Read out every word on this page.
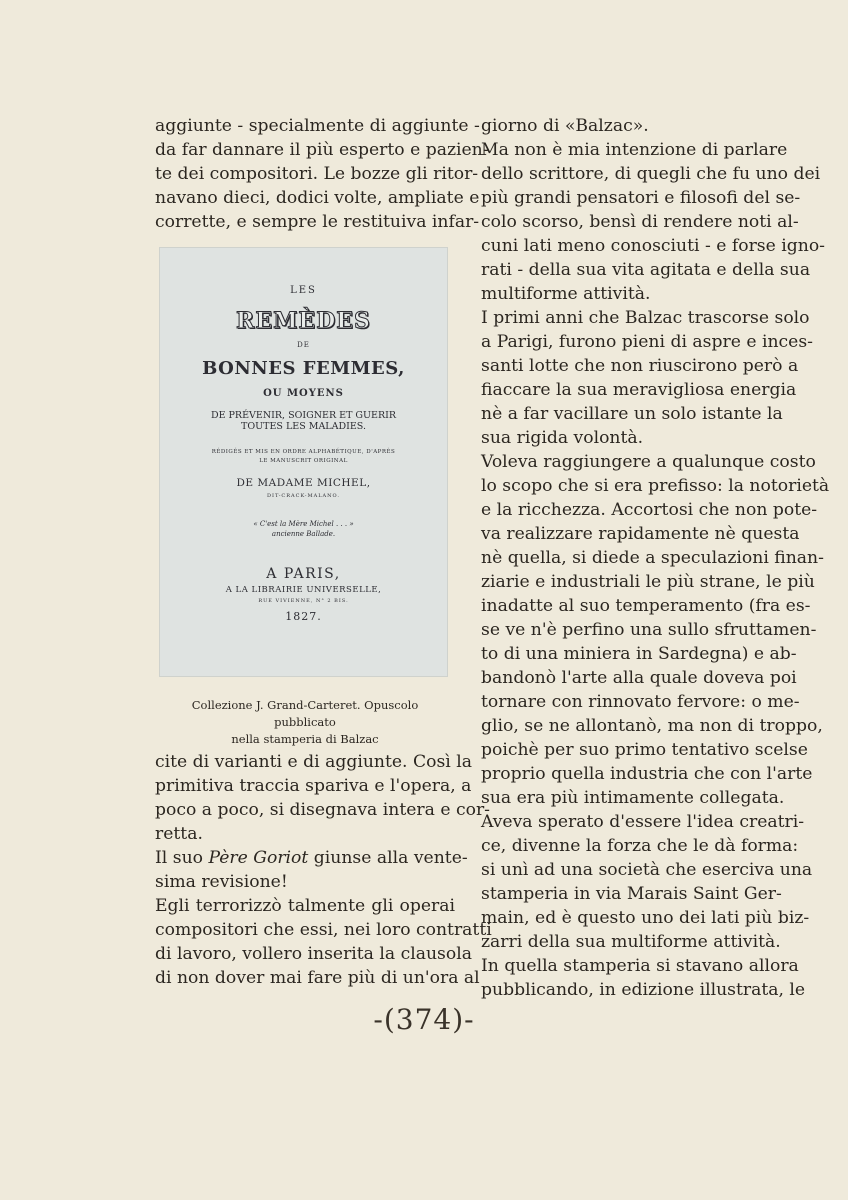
aggiunte - specialmente di aggiunte -
da far dannare il più esperto e pazien-
te dei compositori. Le bozze gli ritor-
navano dieci, dodici volte, ampliate e
corrette, e sempre le restituiva infar-
LES
REMÈDES
DE
BONNES FEMMES,
OU MOYENS
DE PRÉVENIR, SOIGNER ET GUERIR
TOUTES LES MALADIES.
RÉDIGÉS ET MIS EN ORDRE ALPHABÉTIQUE, D'APRÈS
LE MANUSCRIT ORIGINAL
DE MADAME MICHEL,
DIT-CRACK-MALANO.
« C'est la Mère Michel . . . »
ancienne Ballade.
A PARIS,
A LA LIBRAIRIE UNIVERSELLE,
RUE VIVIENNE, N° 2 BIS.
1827.
Collezione J. Grand-Carteret. Opuscolo pubblicato
nella stamperia di Balzac
cite di varianti e di aggiunte. Così la
primitiva traccia spariva e l'opera, a
poco a poco, si disegnava intera e cor-
retta.
Il suo Père Goriot giunse alla vente-
sima revisione!
Egli terrorizzò talmente gli operai
compositori che essi, nei loro contratti
di lavoro, vollero inserita la clausola
di non dover mai fare più di un'ora al
giorno di «Balzac».
Ma non è mia intenzione di parlare
dello scrittore, di quegli che fu uno dei
più grandi pensatori e filosofi del se-
colo scorso, bensì di rendere noti al-
cuni lati meno conosciuti - e forse igno-
rati - della sua vita agitata e della sua
multiforme attività.
I primi anni che Balzac trascorse solo
a Parigi, furono pieni di aspre e inces-
santi lotte che non riuscirono però a
fiaccare la sua meravigliosa energia
nè a far vacillare un solo istante la
sua rigida volontà.
Voleva raggiungere a qualunque costo
lo scopo che si era prefisso: la notorietà
e la ricchezza. Accortosi che non pote-
va realizzare rapidamente nè questa
nè quella, si diede a speculazioni finan-
ziarie e industriali le più strane, le più
inadatte al suo temperamento (fra es-
se ve n'è perfino una sullo sfruttamen-
to di una miniera in Sardegna) e ab-
bandonò l'arte alla quale doveva poi
tornare con rinnovato fervore: o me-
glio, se ne allontanò, ma non di troppo,
poichè per suo primo tentativo scelse
proprio quella industria che con l'arte
sua era più intimamente collegata.
Aveva sperato d'essere l'idea creatri-
ce, divenne la forza che le dà forma:
si unì ad una società che eserciva una
stamperia in via Marais Saint Ger-
main, ed è questo uno dei lati più biz-
zarri della sua multiforme attività.
In quella stamperia si stavano allora
pubblicando, in edizione illustrata, le
-(374)-
